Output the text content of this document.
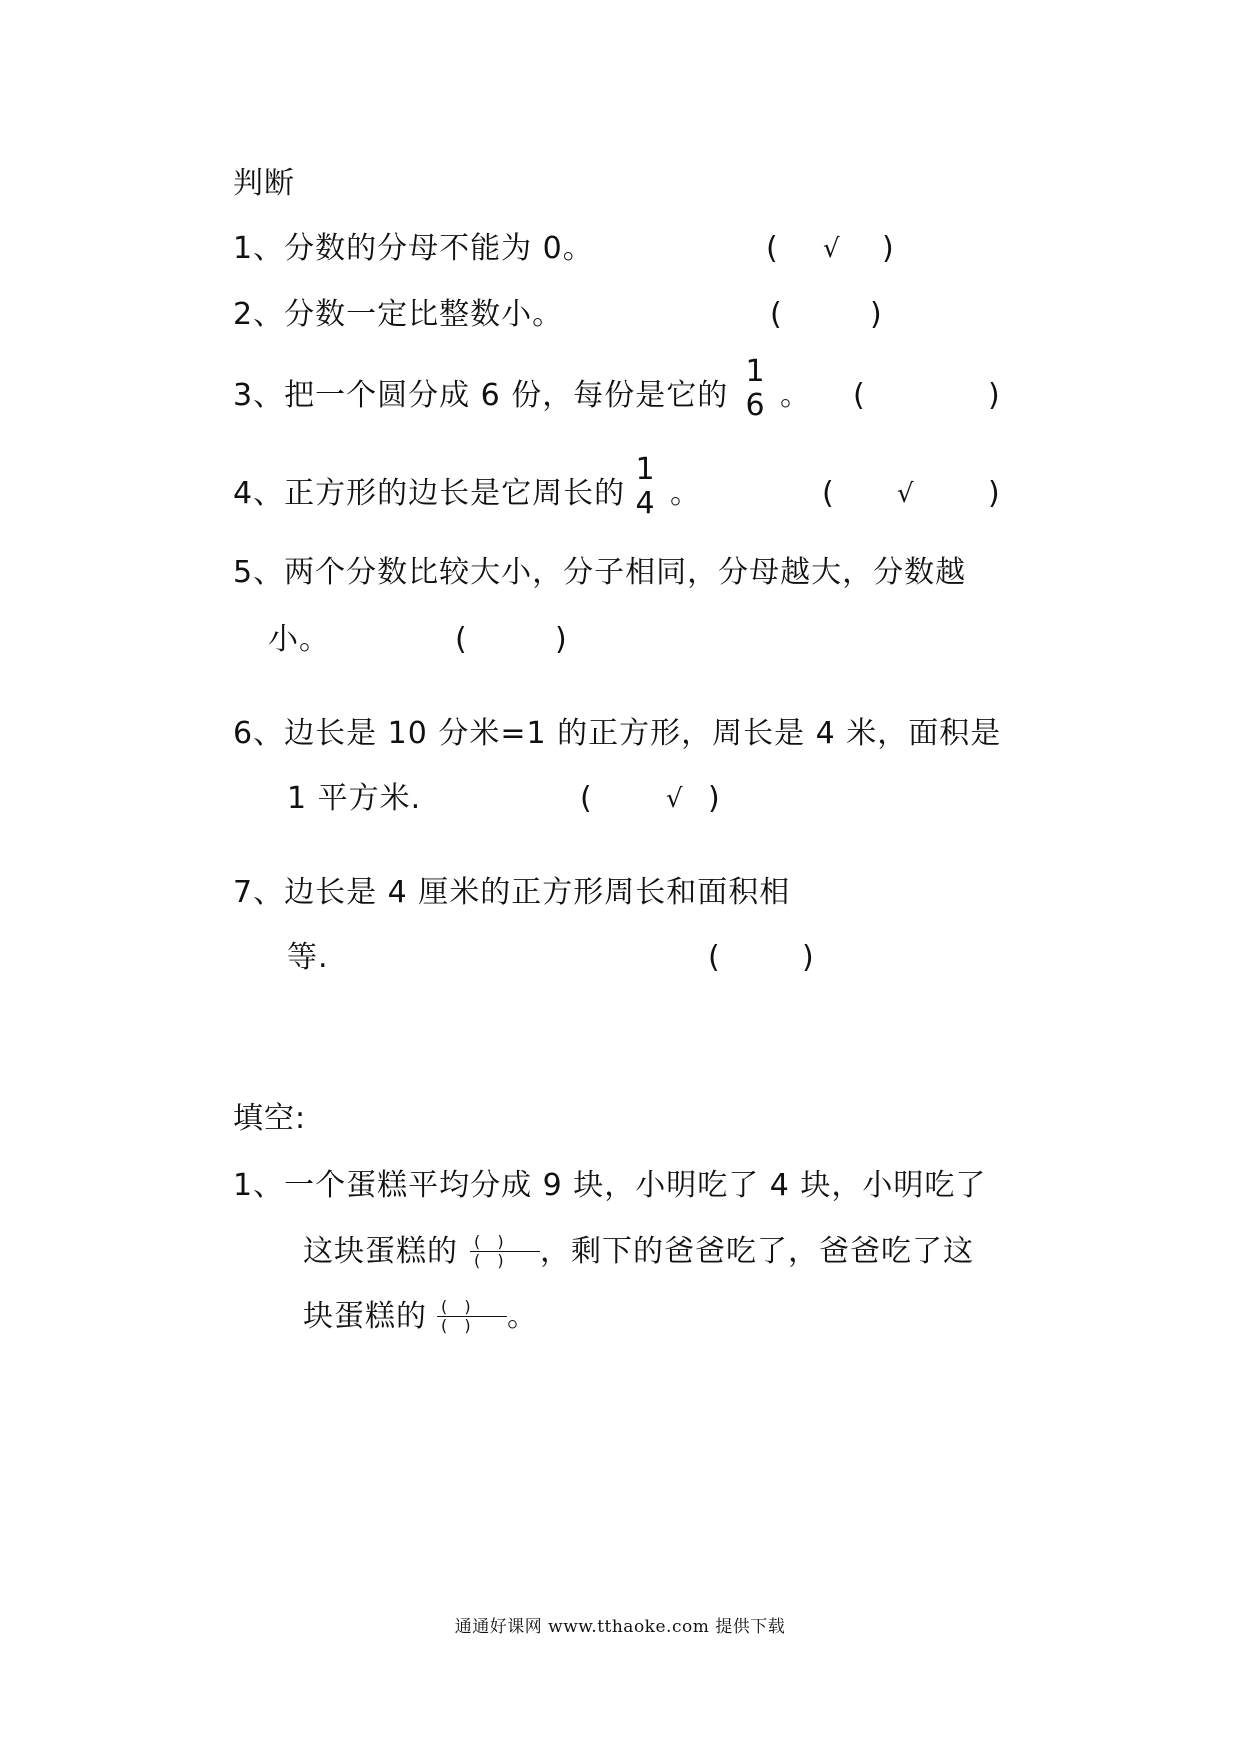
判断
1、分数的分母不能为 0。	( √ )
2、分数一定比整数小。	(	)
3、把一个圆分成 6 份，每份是它的
1
6 。 (	)
4、正方形的边长是它周长的
1
4 。	( √ )
5、两个分数比较大小，分子相同，分母越大，分数越
小。	(	)
6、边长是 10 分米=1 的正方形，周长是 4 米，面积是
1 平方米.	(	√ )
7、边长是 4 厘米的正方形周长和面积相
等.	(	)
填空:
1、一个蛋糕平均分成 9 块，小明吃了 4 块，小明吃了
这块蛋糕的 ( )
( )	，剩下的爸爸吃了，爸爸吃了这
块蛋糕的 ( )
( )	。
通通好课网 www.tthaoke.com 提供下载
